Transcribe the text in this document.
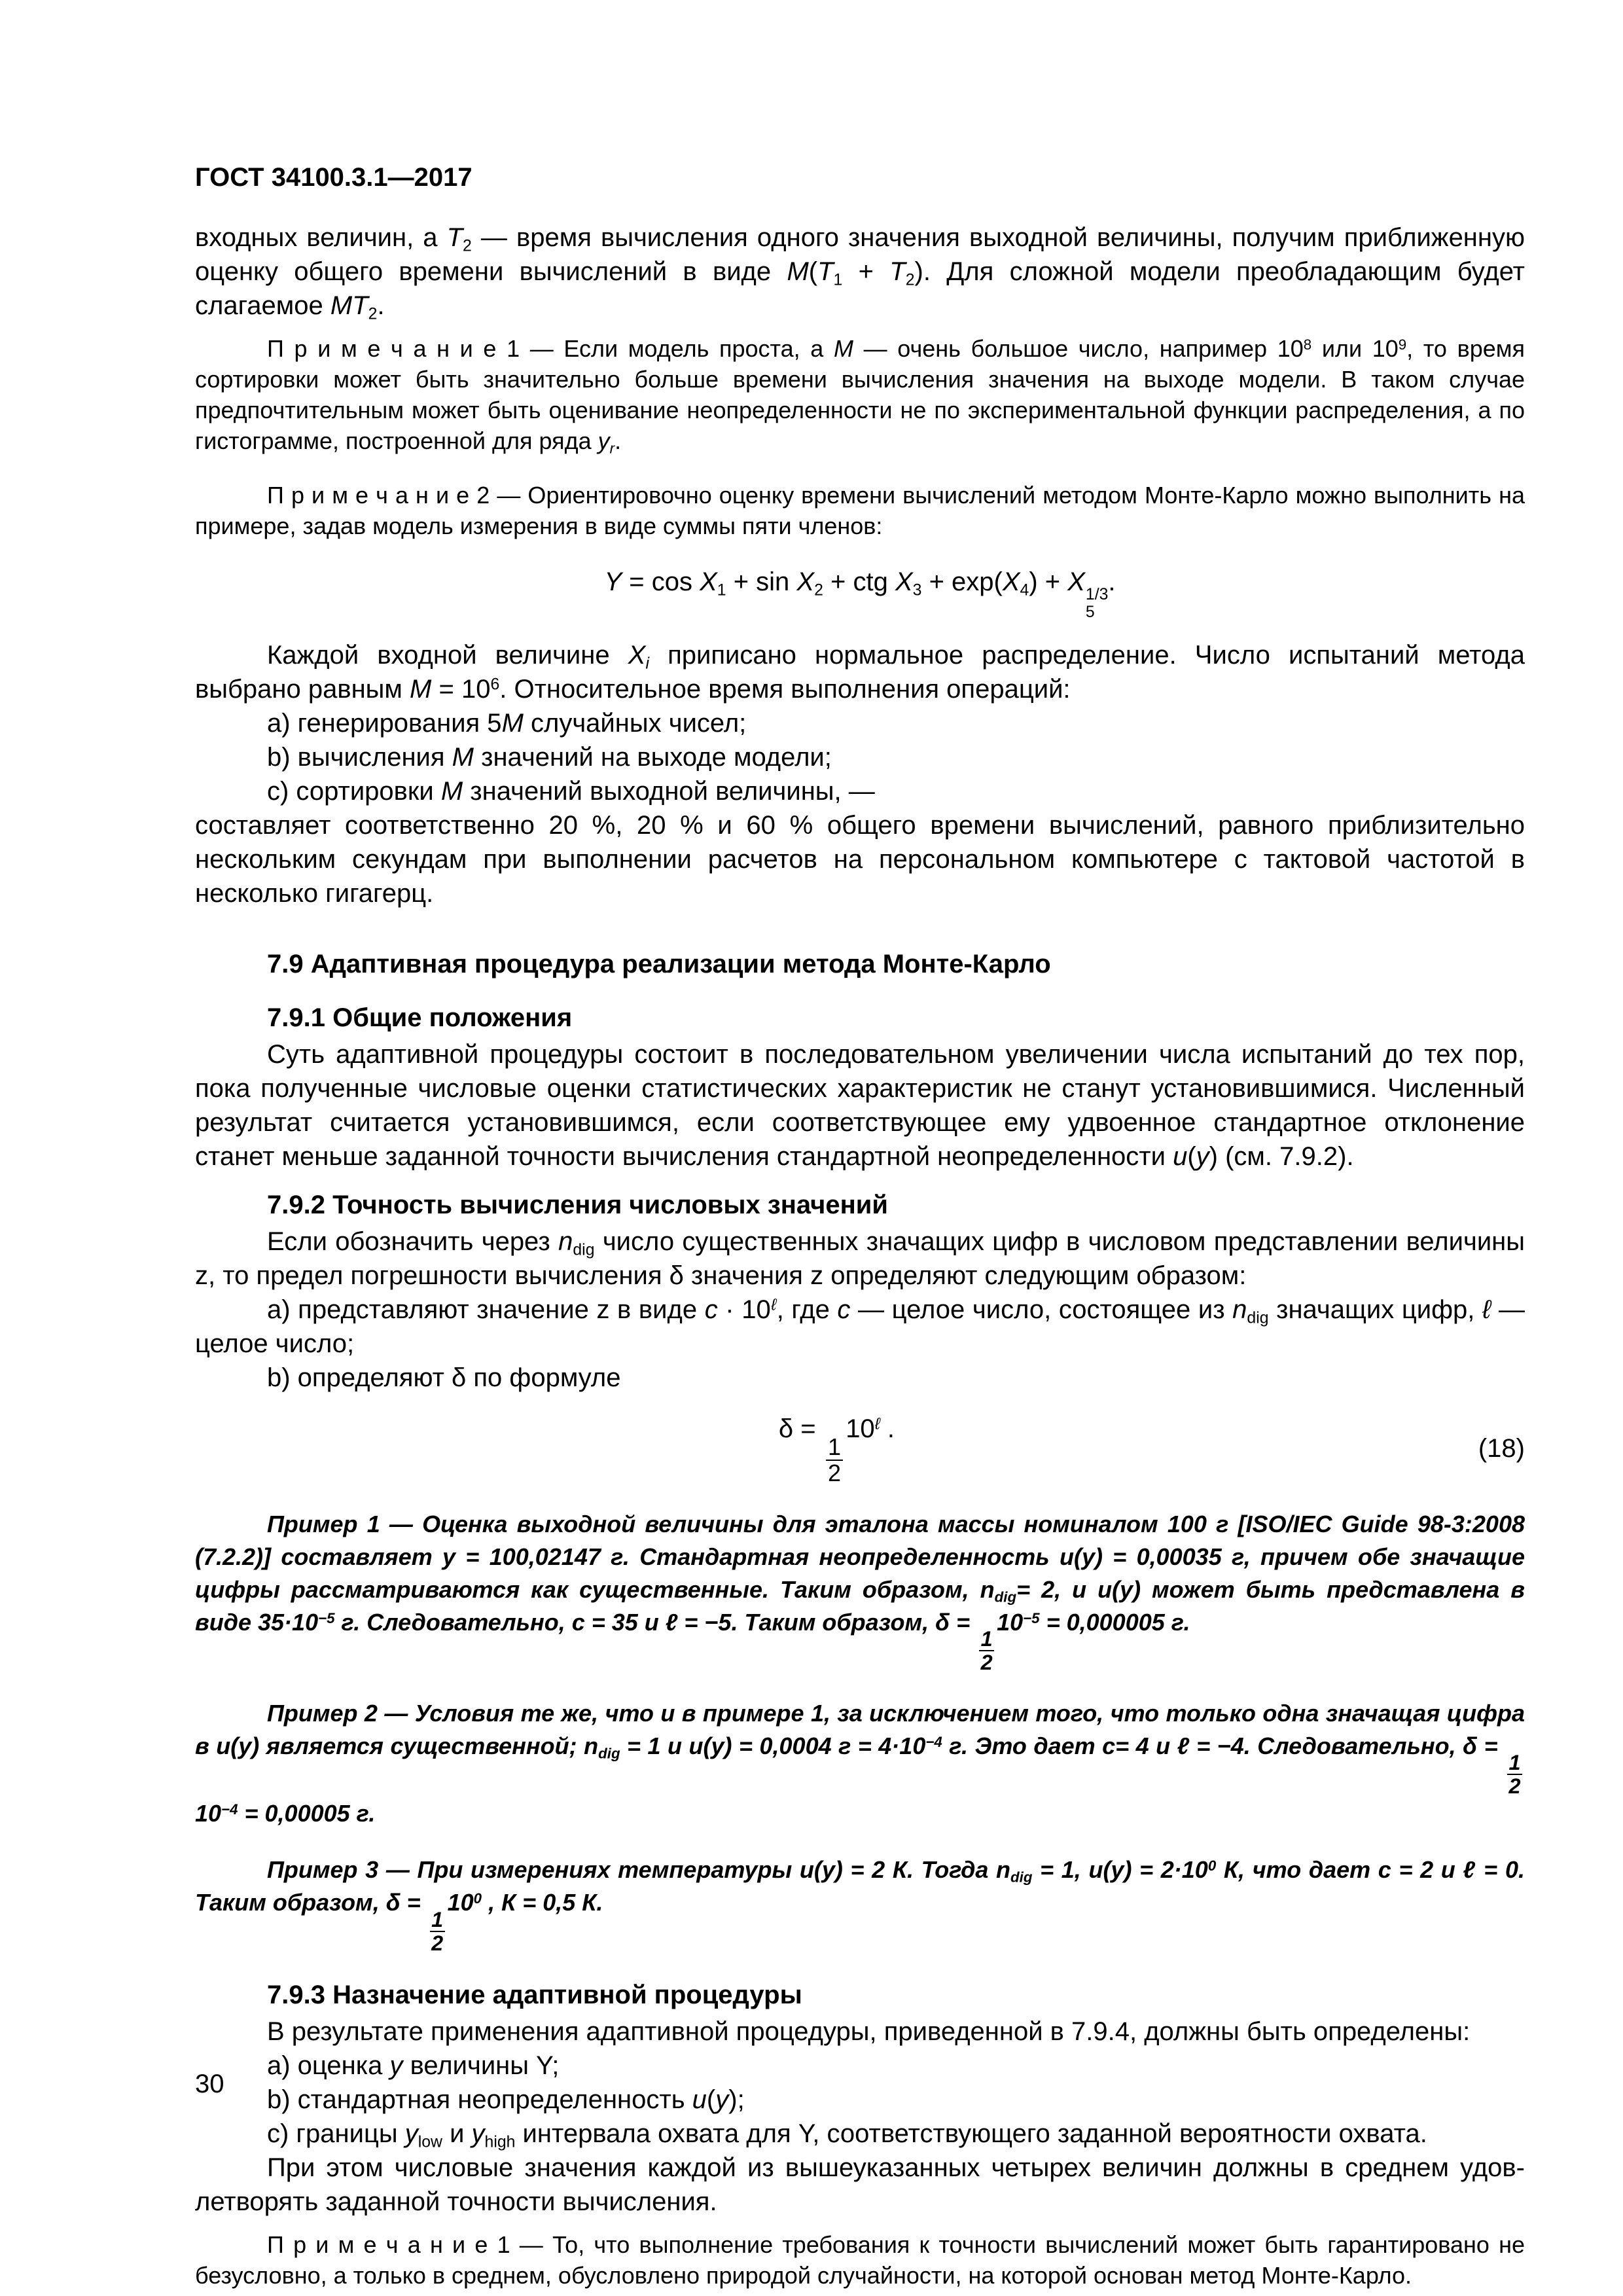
ГОСТ 34100.3.1—2017

входных величин, а T2 — время вычисления одного значения выходной величины, получим приближенную оценку общего времени вычислений в виде M(T1 + T2). Для сложной модели преобладающим будет слагаемое MT2.

П р и м е ч а н и е 1 — Если модель проста, а M — очень большое число, например $10^8$ или $10^9$, то время сортировки может быть значительно больше времени вычисления значения на выходе модели. В таком случае предпочтительным может быть оценивание неопределенности не по экспериментальной функции распределения, а по гистограмме, построенной для ряда yr.

П р и м е ч а н и е 2 — Ориентировочно оценку времени вычислений методом Монте-Карло можно выполнить на примере, задав модель измерения в виде суммы пяти членов:

Y = cos X1 + sin X2 + ctg X3 + exp(X4) + X 1/3
5
.

Каждой входной величине Xi приписано нормальное распределение. Число испытаний метода выбрано равным $M = 10^6$. Относительное время выполнения операций:

a) генерирования 5M случайных чисел;

b) вычисления M значений на выходе модели;

c) сортировки M значений выходной величины, —

составляет соответственно 20 %, 20 % и 60 % общего времени вычислений, равного приблизительно нескольким секундам при выполнении расчетов на персональном компьютере с тактовой частотой в несколько гигагерц.

7.9 Адаптивная процедура реализации метода Монте-Карло
7.9.1 Общие положения

Суть адаптивной процедуры состоит в последовательном увеличении числа испытаний до тех пор, пока полученные числовые оценки статистических характеристик не станут установившимися. Численный результат считается установившимся, если соответствующее ему удвоенное стандартное отклонение станет меньше заданной точности вычисления стандартной неопределенности u(y) (см. 7.9.2).

7.9.2 Точность вычисления числовых значений

Если обозначить через ndig число существенных значащих цифр в числовом представлении величины z, то предел погрешности вычисления δ значения z определяют следующим образом:

a) представляют значение z в виде $c \cdot 10^\ell$, где c — целое число, состоящее из ndig значащих цифр, ℓ — целое число;

b) определяют δ по формуле

δ =
$\frac{1}{2}$
$10^\ell$ .
(18)

Пример 1 — Оценка выходной величины для эталона массы номиналом 100 г [ISO/IEC Guide 98-3:2008 (7.2.2)] составляет y = 100,02147 г. Стандартная неопределенность u(y) = 0,00035 г, причем обе значащие цифры рассматриваются как существенные. Таким образом, ndig= 2, и u(y) может быть представлена в виде $35\cdot 10^{-5}$ г. Следовательно, c = 35 и ℓ = −5. Таким образом, δ =
$\frac{1}{2}$
$10^{-5} = 0,000005$ г.

Пример 2 — Условия те же, что и в примере 1, за исключением того, что только одна значащая цифра в u(y) является существенной; ndig = 1 и u(y) = 0,0004 $г = 4\cdot 10^{-4}$ г. Это дает c= 4 и ℓ = −4. Следовательно, δ =
$\frac{1}{2}$
$10^{-4} = 0,00005$ г.

Пример 3 — При измерениях температуры u(y) = 2 К. Тогда ndig = 1, $u(y) = 2\cdot 10^0$ К, что дает c = 2 и ℓ = 0. Таким образом, δ =
$\frac{1}{2}$
$10^0$ , К = 0,5 К.

7.9.3 Назначение адаптивной процедуры

В результате применения адаптивной процедуры, приведенной в 7.9.4, должны быть определены:

a) оценка y величины Y;

b) стандартная неопределенность u(y);

c) границы ylow и yhigh интервала охвата для Y, соответствующего заданной вероятности охвата.

При этом числовые значения каждой из вышеуказанных четырех величин должны в среднем удовлетворять заданной точности вычисления.

П р и м е ч а н и е 1 — То, что выполнение требования к точности вычислений может быть гарантировано не безусловно, а только в среднем, обусловлено природой случайности, на которой основан метод Монте-Карло.

30
